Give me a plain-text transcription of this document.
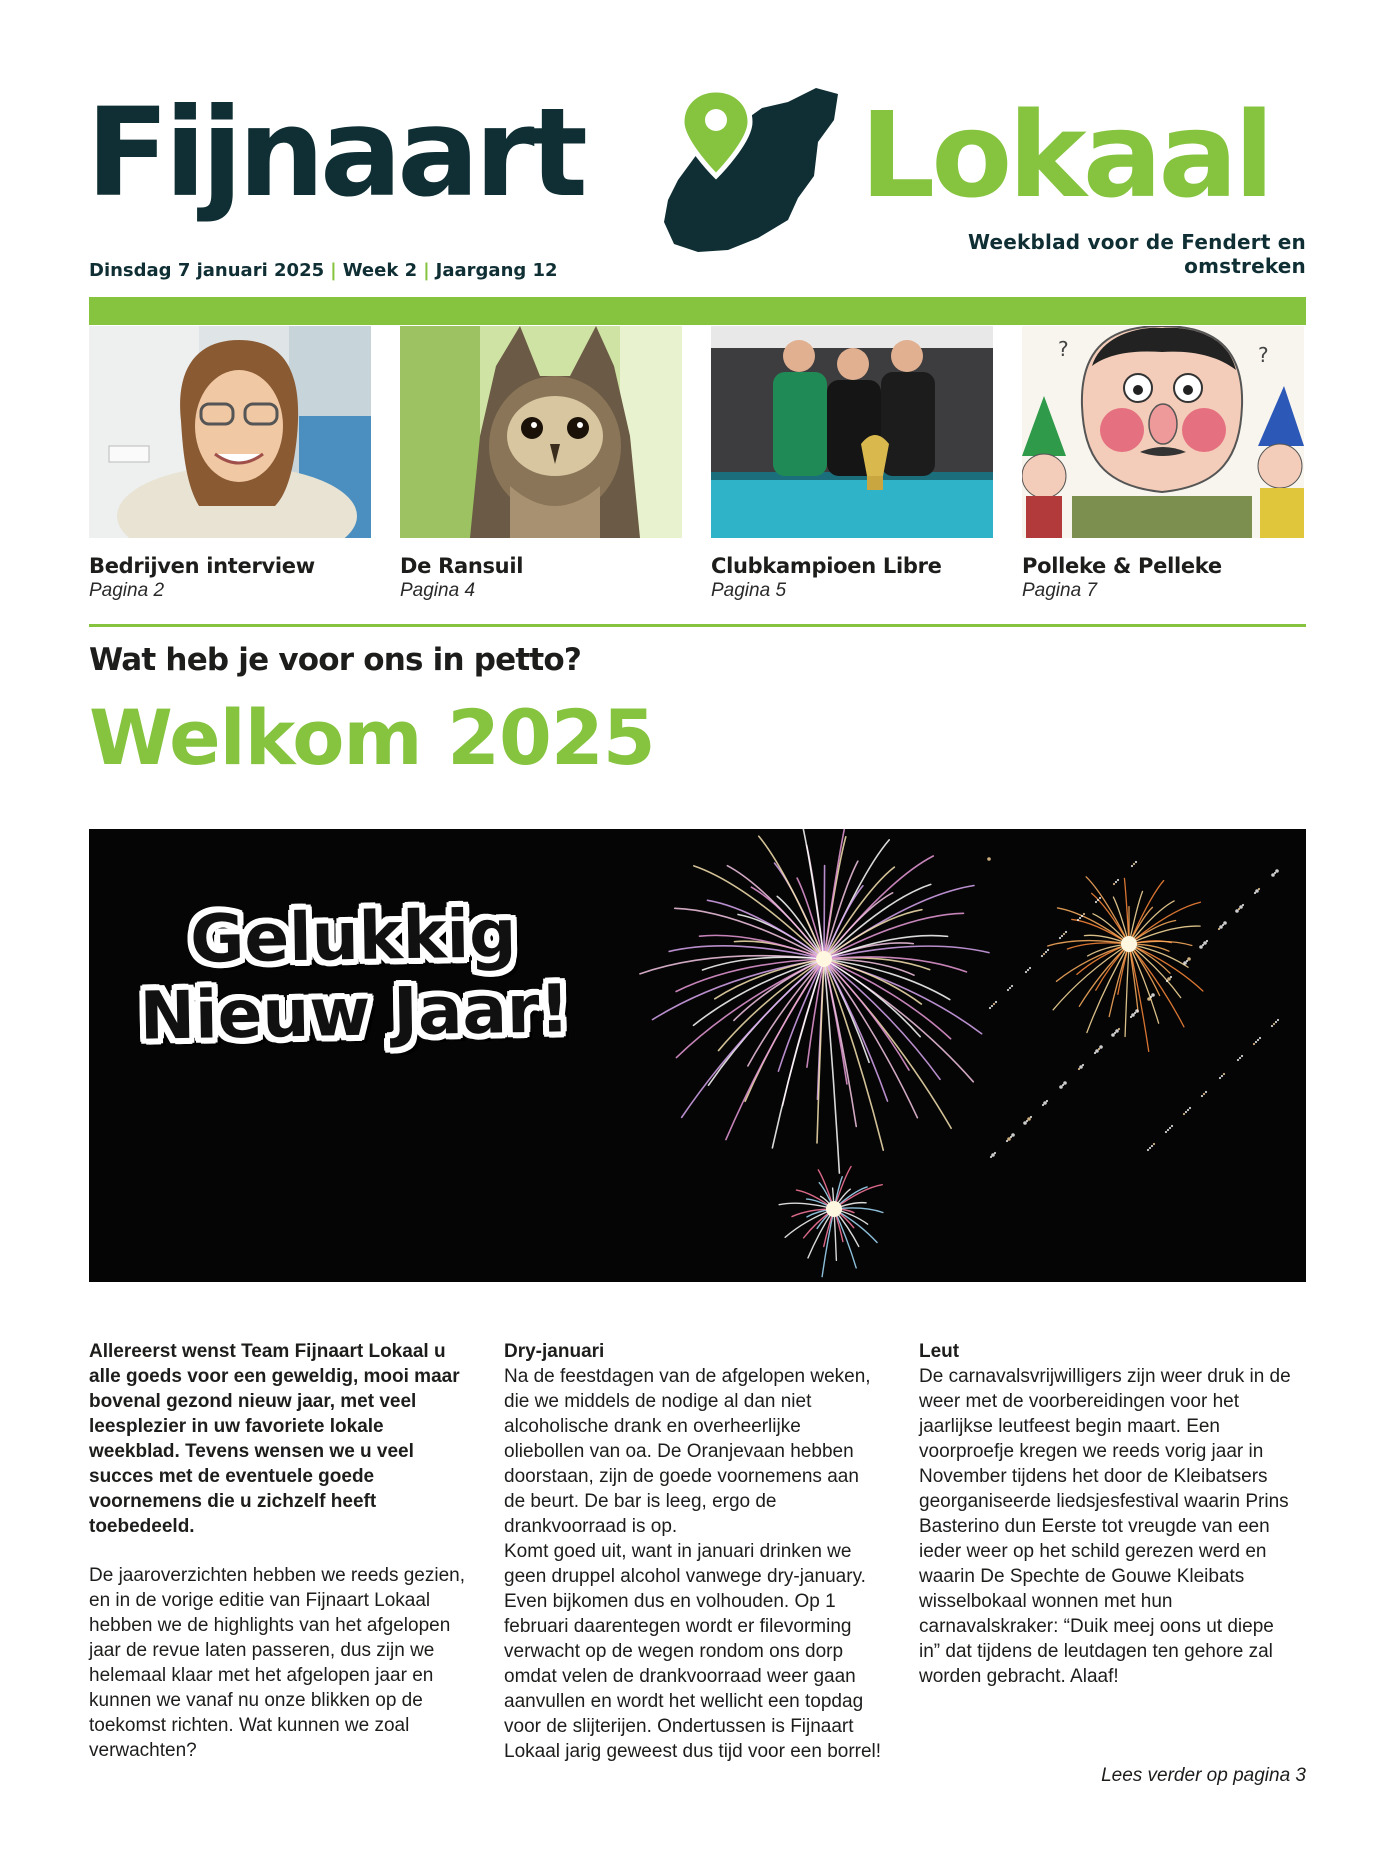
Fijnaart Lokaal
Weekblad voor de Fendert en omstreken
Dinsdag 7 januari 2025 | Week 2 | Jaargang 12
Bedrijven interview
Pagina 2
De Ransuil
Pagina 4
Clubkampioen Libre
Pagina 5
?	?
Polleke & Pelleke
Pagina 7
Wat heb je voor ons in petto?
Welkom 2025
Gelukkig
Nieuw Jaar!

Allereerst wenst Team Fijnaart Lokaal u alle goeds voor een geweldig, mooi maar bovenal gezond nieuw jaar, met veel leesplezier in uw favoriete lokale weekblad. Tevens wensen we u veel succes met de eventuele goede voornemens die u zichzelf heeft toebedeeld.

De jaaroverzichten hebben we reeds gezien, en in de vorige editie van Fijnaart Lokaal hebben we de highlights van het afgelopen jaar de revue laten passeren, dus zijn we helemaal klaar met het afgelopen jaar en kunnen we vanaf nu onze blikken op de toekomst richten. Wat kunnen we zoal verwachten?

Dry-januari
Na de feestdagen van de afgelopen weken, die we middels de nodige al dan niet alcoholische drank en overheerlijke oliebollen van oa. De Oranjevaan hebben doorstaan, zijn de goede voornemens aan de beurt. De bar is leeg, ergo de drankvoorraad is op.
Komt goed uit, want in januari drinken we geen druppel alcohol vanwege dry-january. Even bijkomen dus en volhouden. Op 1 februari daarentegen wordt er filevorming verwacht op de wegen rondom ons dorp omdat velen de drankvoorraad weer gaan aanvullen en wordt het wellicht een topdag voor de slijterijen. Ondertussen is Fijnaart Lokaal jarig geweest dus tijd voor een borrel!
Leut
De carnavalsvrijwilligers zijn weer druk in de weer met de voorbereidingen voor het jaarlijkse leutfeest begin maart. Een voorproefje kregen we reeds vorig jaar in November tijdens het door de Kleibatsers georganiseerde liedsjesfestival waarin Prins Basterino dun Eerste tot vreugde van een ieder weer op het schild gerezen werd en waarin De Spechte de Gouwe Kleibats wisselbokaal wonnen met hun carnavalskraker: “Duik meej oons ut diepe in” dat tijdens de leutdagen ten gehore zal worden gebracht. Alaaf!
Lees verder op pagina 3
